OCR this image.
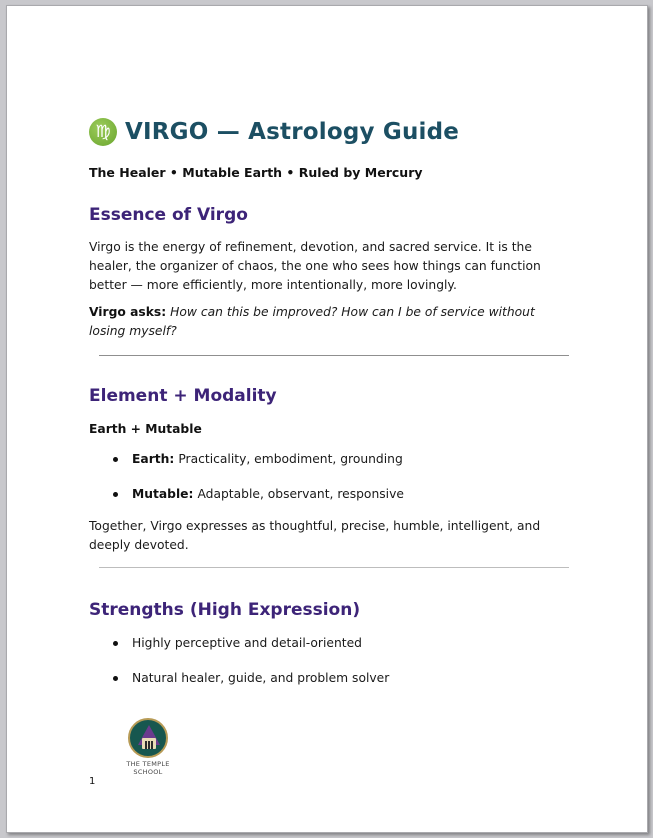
♍ VIRGO — Astrology Guide
The Healer • Mutable Earth • Ruled by Mercury
Essence of Virgo

Virgo is the energy of refinement, devotion, and sacred service. It is the healer, the organizer of chaos, the one who sees how things can function better — more efficiently, more intentionally, more lovingly.

Virgo asks: How can this be improved? How can I be of service without losing myself?

Element + Modality
Earth + Mutable
Earth: Practicality, embodiment, grounding
Mutable: Adaptable, observant, responsive

Together, Virgo expresses as thoughtful, precise, humble, intelligent, and deeply devoted.

Strengths (High Expression)
Highly perceptive and detail-oriented
Natural healer, guide, and problem solver
THE TEMPLE
SCHOOL
1
